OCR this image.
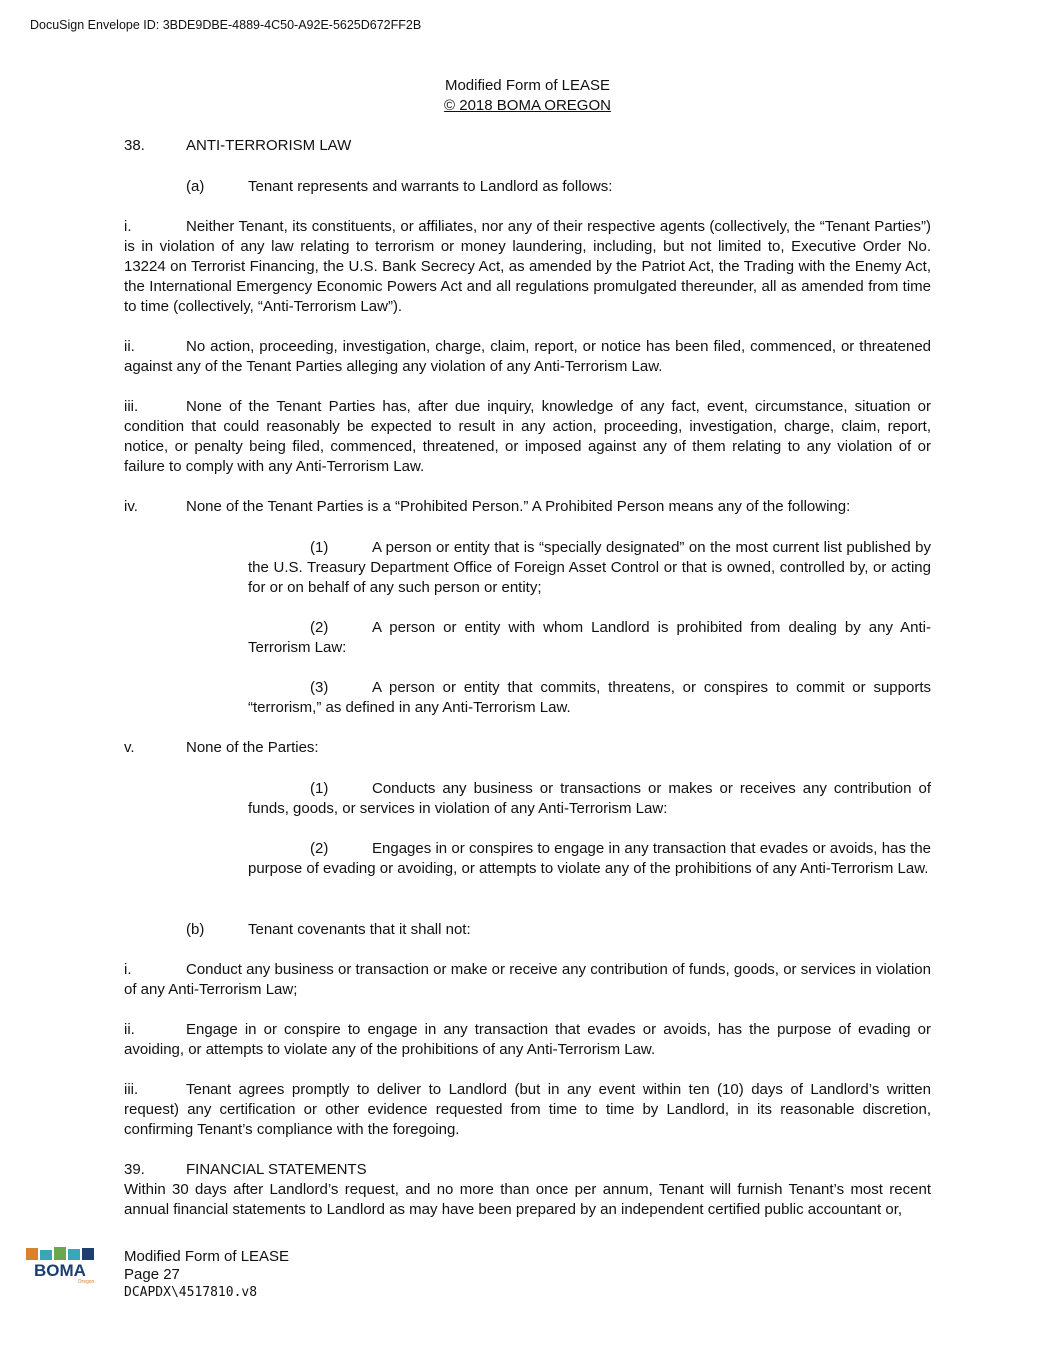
DocuSign Envelope ID: 3BDE9DBE-4889-4C50-A92E-5625D672FF2B
Modified Form of LEASE
© 2018 BOMA OREGON
38.	ANTI-TERRORISM LAW
(a)	Tenant represents and warrants to Landlord as follows:
i.	Neither Tenant, its constituents, or affiliates, nor any of their respective agents (collectively, the “Tenant Parties”) is in violation of any law relating to terrorism or money laundering, including, but not limited to, Executive Order No. 13224 on Terrorist Financing, the U.S. Bank Secrecy Act, as amended by the Patriot Act, the Trading with the Enemy Act, the International Emergency Economic Powers Act and all regulations promulgated thereunder, all as amended from time to time (collectively, “Anti-Terrorism Law”).
ii.	No action, proceeding, investigation, charge, claim, report, or notice has been filed, commenced, or threatened against any of the Tenant Parties alleging any violation of any Anti-Terrorism Law.
iii.	None of the Tenant Parties has, after due inquiry, knowledge of any fact, event, circumstance, situation or condition that could reasonably be expected to result in any action, proceeding, investigation, charge, claim, report, notice, or penalty being filed, commenced, threatened, or imposed against any of them relating to any violation of or failure to comply with any Anti-Terrorism Law.
iv.	None of the Tenant Parties is a “Prohibited Person.” A Prohibited Person means any of the following:
(1)	A person or entity that is “specially designated” on the most current list published by the U.S. Treasury Department Office of Foreign Asset Control or that is owned, controlled by, or acting for or on behalf of any such person or entity;
(2)	A person or entity with whom Landlord is prohibited from dealing by any Anti-Terrorism Law:
(3)	A person or entity that commits, threatens, or conspires to commit or supports “terrorism,” as defined in any Anti-Terrorism Law.
v.	None of the Parties:
(1)	Conducts any business or transactions or makes or receives any contribution of funds, goods, or services in violation of any Anti-Terrorism Law:
(2)	Engages in or conspires to engage in any transaction that evades or avoids, has the purpose of evading or avoiding, or attempts to violate any of the prohibitions of any Anti-Terrorism Law.
(b)	Tenant covenants that it shall not:
i.	Conduct any business or transaction or make or receive any contribution of funds, goods, or services in violation of any Anti-Terrorism Law;
ii.	Engage in or conspire to engage in any transaction that evades or avoids, has the purpose of evading or avoiding, or attempts to violate any of the prohibitions of any Anti-Terrorism Law.
iii.	Tenant agrees promptly to deliver to Landlord (but in any event within ten (10) days of Landlord’s written request) any certification or other evidence requested from time to time by Landlord, in its reasonable discretion, confirming Tenant’s compliance with the foregoing.
39.	FINANCIAL STATEMENTS
Within 30 days after Landlord’s request, and no more than once per annum, Tenant will furnish Tenant’s most recent annual financial statements to Landlord as may have been prepared by an independent certified public accountant or,
BOMA
Oregon
Modified Form of LEASE
Page 27
DCAPDX\4517810.v8
